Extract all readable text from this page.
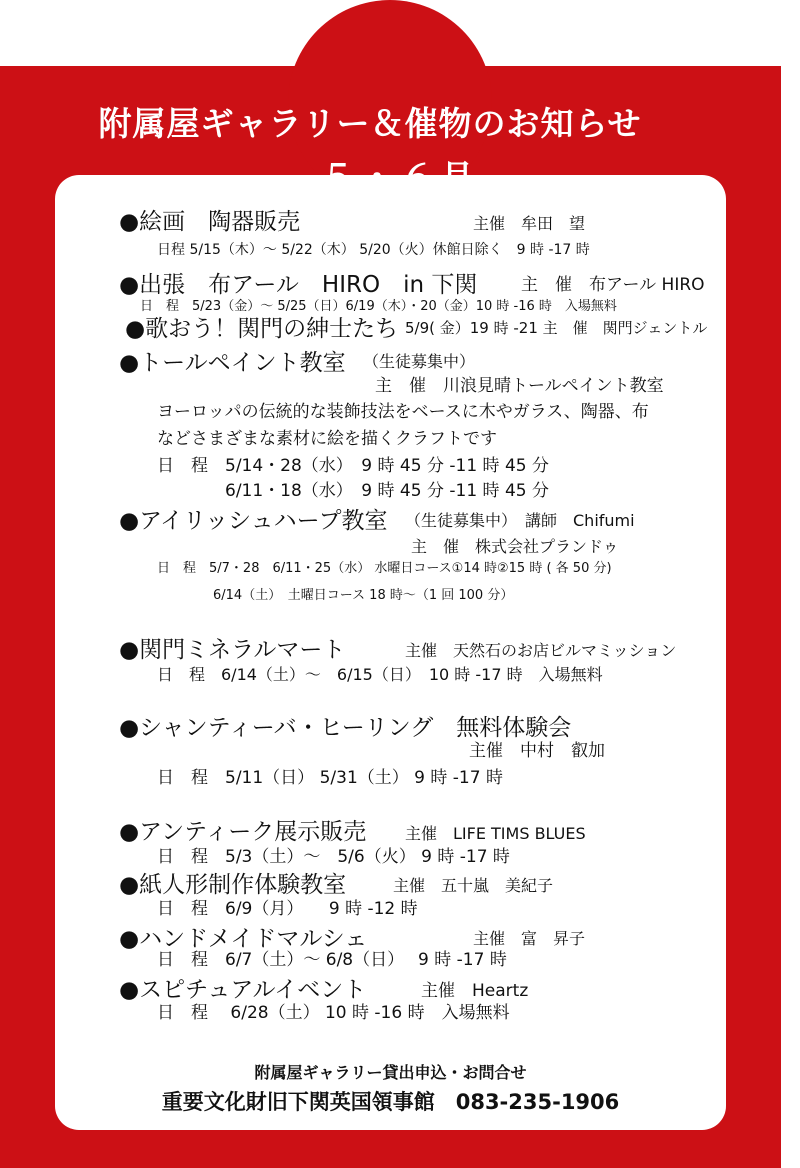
附属屋ギャラリー＆催物のお知らせ
●絵画　陶器販売	主催　牟田　望
日程 5/15（木）～ 5/22（木） 5/20（火）休館日除く　9 時 -17 時
●出張　布アール　HIRO　in 下関	主　催　布アール HIRO
日　程　5/23（金）～ 5/25（日）6/19（木）・20（金）10 時 -16 時　入場無料
●歌おう！関門の紳士たち 5/9( 金）19 時 -21 主　催　関門ジェントル
●トールペイント教室 （生徒募集中）
主　催　川浪見晴トールペイント教室
ヨーロッパの伝統的な装飾技法をベースに木やガラス、陶器、布
などさまざまな素材に絵を描くクラフトです
日　程　5/14・28（水）　9 時 45 分 -11 時 45 分
6/11・18（水）　9 時 45 分 -11 時 45 分
●アイリッシュハープ教室 （生徒募集中）　講師　Chifumi
主　催　株式会社プランドゥ
日　程　5/7・28　6/11・25（水） 水曜日コース①14 時②15 時 ( 各 50 分)
6/14（土）　土曜日コース 18 時～（1 回 100 分）
●関門ミネラルマート	主催　天然石のお店ビルマミッション
日　程　6/14（土）～　6/15（日）　10 時 -17 時　入場無料
●シャンティーバ・ヒーリング　無料体験会
主催　中村　叡加
日　程　5/11（日） 5/31（土） 9 時 -17 時
●アンティーク展示販売 主催　LIFE TIMS BLUES
日　程　5/3（土）～　5/6（火） 9 時 -17 時
●紙人形制作体験教室	主催　五十嵐　美紀子
日　程　6/9（月）　　9 時 -12 時
●ハンドメイドマルシェ	主催　富　昇子
日　程　6/7（土）～ 6/8（日）　 9 時 -17 時
●スピチュアルイベント	主催　Heartz
日　程　 6/28（土） 10 時 -16 時　入場無料
附属屋ギャラリー貸出申込・お問合せ
重要文化財旧下関英国領事館　083-235-1906
